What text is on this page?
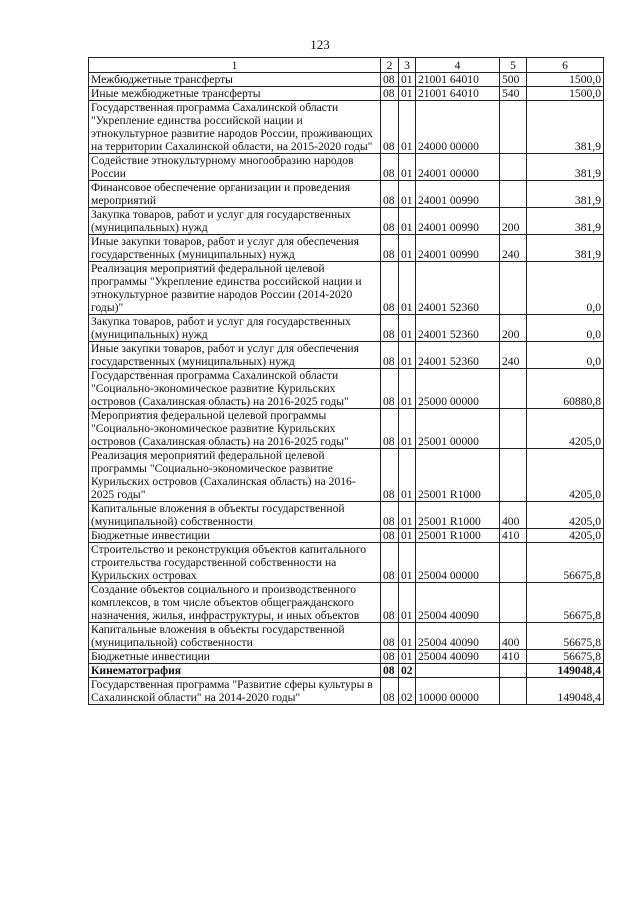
123
1	2	3	4	5	6
Межбюджетные трансферты	08	01	21001 64010	500	1500,0
Иные межбюджетные трансферты	08	01	21001 64010	540	1500,0
Государственная программа Сахалинской области "Укрепление единства российской нации и этнокультурное развитие народов России, проживающих на территории Сахалинской области, на 2015-2020 годы"	08	01	24000 00000		381,9
Содействие этнокультурному многообразию народов России	08	01	24001 00000		381,9
Финансовое обеспечение организации и проведения мероприятий	08	01	24001 00990		381,9
Закупка товаров, работ и услуг для государственных (муниципальных) нужд	08	01	24001 00990	200	381,9
Иные закупки товаров, работ и услуг для обеспечения государственных (муниципальных) нужд	08	01	24001 00990	240	381,9
Реализация мероприятий федеральной целевой программы "Укрепление единства российской нации и этнокультурное развитие народов России (2014-2020 годы)"	08	01	24001 52360		0,0
Закупка товаров, работ и услуг для государственных (муниципальных) нужд	08	01	24001 52360	200	0,0
Иные закупки товаров, работ и услуг для обеспечения государственных (муниципальных) нужд	08	01	24001 52360	240	0,0
Государственная программа Сахалинской области "Социально-экономическое развитие Курильских островов (Сахалинская область) на 2016-2025 годы"	08	01	25000 00000		60880,8
Мероприятия федеральной целевой программы "Социально-экономическое развитие Курильских островов (Сахалинская область) на 2016-2025 годы"	08	01	25001 00000		4205,0
Реализация мероприятий федеральной целевой программы "Социально-экономическое развитие Курильских островов (Сахалинская область) на 2016-2025 годы"	08	01	25001 R1000		4205,0
Капитальные вложения в объекты государственной (муниципальной) собственности	08	01	25001 R1000	400	4205,0
Бюджетные инвестиции	08	01	25001 R1000	410	4205,0
Строительство и реконструкция объектов капитального строительства государственной собственности на Курильских островах	08	01	25004 00000		56675,8
Создание объектов социального и производственного комплексов, в том числе объектов общегражданского назначения, жилья, инфраструктуры, и иных объектов	08	01	25004 40090		56675,8
Капитальные вложения в объекты государственной (муниципальной) собственности	08	01	25004 40090	400	56675,8
Бюджетные инвестиции	08	01	25004 40090	410	56675,8
Кинематография	08	02			149048,4
Государственная программа "Развитие сферы культуры в Сахалинской области" на 2014-2020 годы"	08	02	10000 00000		149048,4
